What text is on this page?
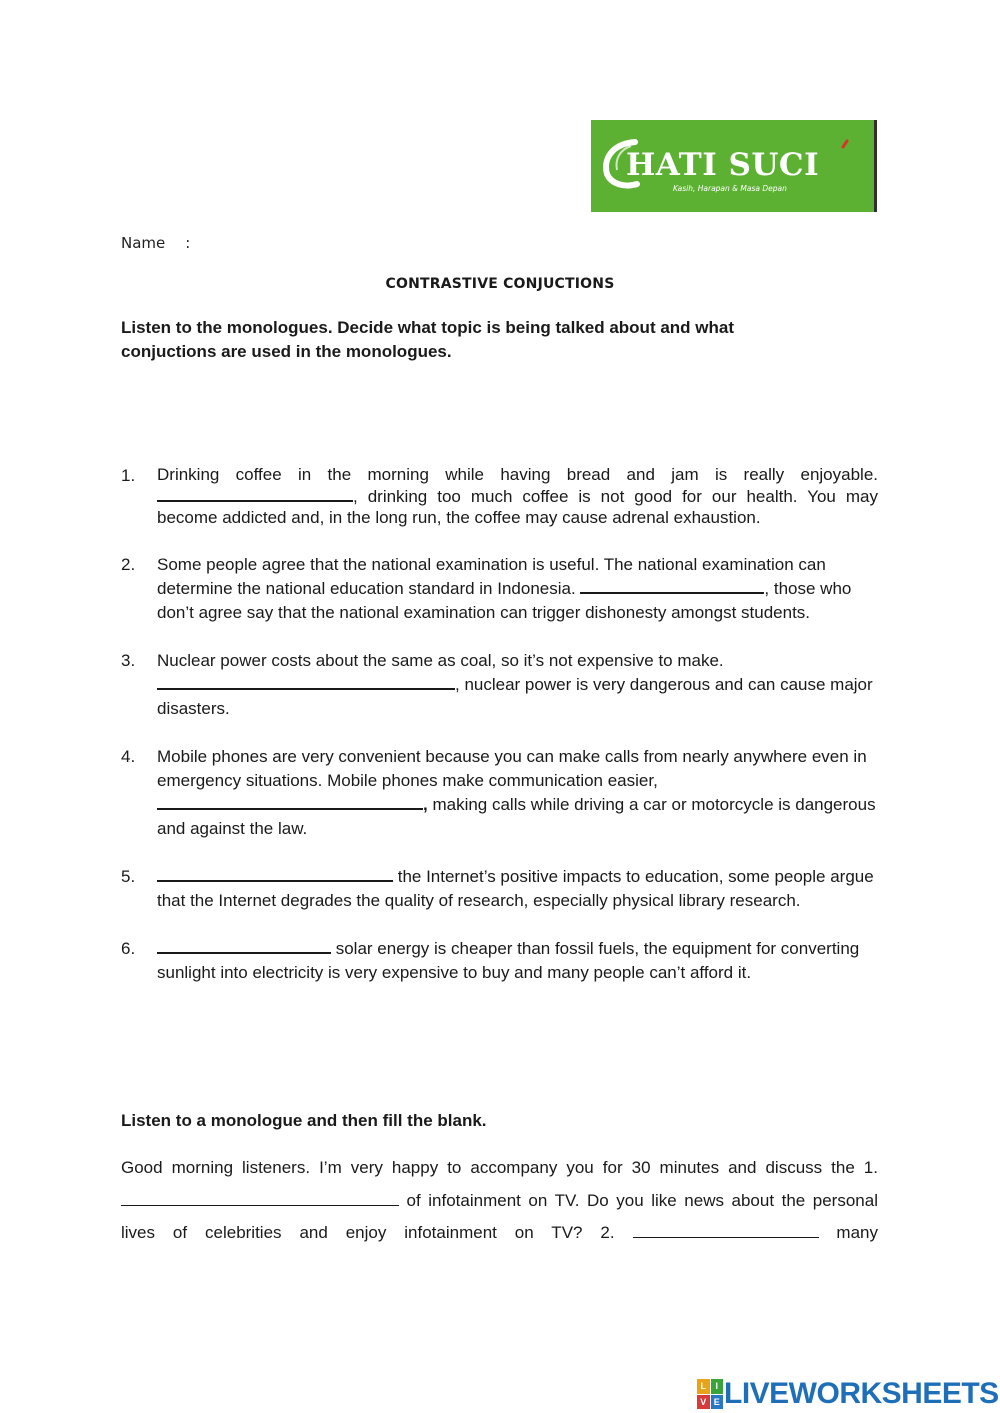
HATI SUCI
Kasih, Harapan & Masa Depan

Name :
CONTRASTIVE CONJUCTIONS
Listen to the monologues. Decide what topic is being talked about and what conjuctions are used in the monologues.
1. Drinking coffee in the morning while having bread and jam is really enjoyable. , drinking too much coffee is not good for our health. You may become addicted and, in the long run, the coffee may cause adrenal exhaustion.
2. Some people agree that the national examination is useful. The national examination can determine the national education standard in Indonesia.	, those who don’t agree say that the national examination can trigger dishonesty amongst students.
3. Nuclear power costs about the same as coal, so it’s not expensive to make.
, nuclear power is very dangerous and can cause major disasters.
4. Mobile phones are very convenient because you can make calls from nearly anywhere even in emergency situations. Mobile phones make communication easier,
, making calls while driving a car or motorcycle is dangerous and against the law.
5.	the Internet’s positive impacts to education, some people argue that the Internet degrades the quality of research, especially physical library research.
6.	solar energy is cheaper than fossil fuels, the equipment for converting sunlight into electricity is very expensive to buy and many people can’t afford it.
Listen to a monologue and then fill the blank.
Good morning listeners. I’m very happy to accompany you for 30 minutes and discuss the 1.  of infotainment on TV. Do you like news about the personal lives of celebrities and enjoy infotainment on TV? 2.	many
L	I
V E LIVEWORKSHEETS
